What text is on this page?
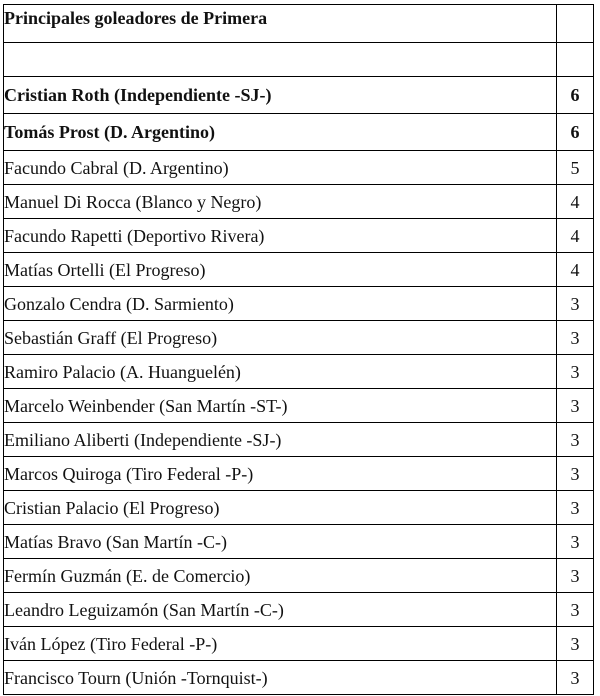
Principales goleadores de Primera	

Cristian Roth (Independiente -SJ-)	6
Tomás Prost (D. Argentino)	6
Facundo Cabral (D. Argentino)	5
Manuel Di Rocca (Blanco y Negro)	4
Facundo Rapetti (Deportivo Rivera)	4
Matías Ortelli (El Progreso)	4
Gonzalo Cendra (D. Sarmiento)	3
Sebastián Graff (El Progreso)	3
Ramiro Palacio (A. Huanguelén)	3
Marcelo Weinbender (San Martín -ST-)	3
Emiliano Aliberti (Independiente -SJ-)	3
Marcos Quiroga (Tiro Federal -P-)	3
Cristian Palacio (El Progreso)	3
Matías Bravo (San Martín -C-)	3
Fermín Guzmán (E. de Comercio)	3
Leandro Leguizamón (San Martín -C-)	3
Iván López (Tiro Federal -P-)	3
Francisco Tourn (Unión -Tornquist-)	3
